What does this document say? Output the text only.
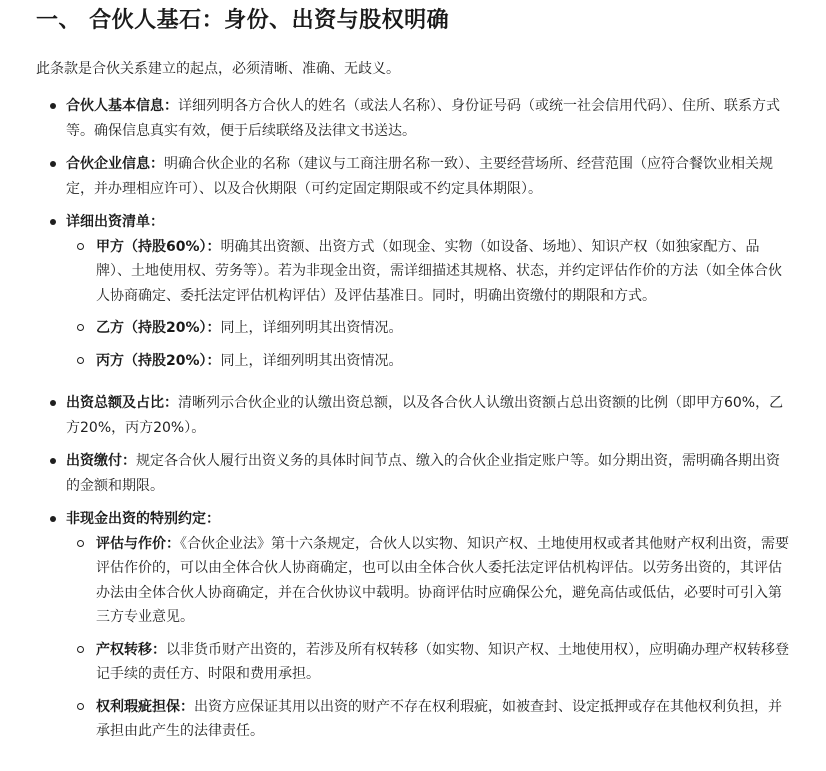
一、 合伙人基石：身份、出资与股权明确

此条款是合伙关系建立的起点，必须清晰、准确、无歧义。

合伙人基本信息：详细列明各方合伙人的姓名（或法人名称）、身份证号码（或统一社会信用代码）、住所、联系方式等。确保信息真实有效，便于后续联络及法律文书送达。
合伙企业信息：明确合伙企业的名称（建议与工商注册名称一致）、主要经营场所、经营范围（应符合餐饮业相关规定，并办理相应许可）、以及合伙期限（可约定固定期限或不约定具体期限）。
详细出资清单：
甲方（持股60%）：明确其出资额、出资方式（如现金、实物（如设备、场地）、知识产权（如独家配方、品牌）、土地使用权、劳务等）。若为非现金出资，需详细描述其规格、状态，并约定评估作价的方法（如全体合伙人协商确定、委托法定评估机构评估）及评估基准日。同时，明确出资缴付的期限和方式。
乙方（持股20%）：同上，详细列明其出资情况。
丙方（持股20%）：同上，详细列明其出资情况。
出资总额及占比：清晰列示合伙企业的认缴出资总额，以及各合伙人认缴出资额占总出资额的比例（即甲方60%，乙方20%，丙方20%）。
出资缴付：规定各合伙人履行出资义务的具体时间节点、缴入的合伙企业指定账户等。如分期出资，需明确各期出资的金额和期限。
非现金出资的特别约定：
评估与作价：《合伙企业法》第十六条规定，合伙人以实物、知识产权、土地使用权或者其他财产权利出资，需要评估作价的，可以由全体合伙人协商确定，也可以由全体合伙人委托法定评估机构评估。以劳务出资的，其评估办法由全体合伙人协商确定，并在合伙协议中载明。协商评估时应确保公允，避免高估或低估，必要时可引入第三方专业意见。
产权转移：以非货币财产出资的，若涉及所有权转移（如实物、知识产权、土地使用权），应明确办理产权转移登记手续的责任方、时限和费用承担。
权利瑕疵担保：出资方应保证其用以出资的财产不存在权利瑕疵，如被查封、设定抵押或存在其他权利负担，并承担由此产生的法律责任。
